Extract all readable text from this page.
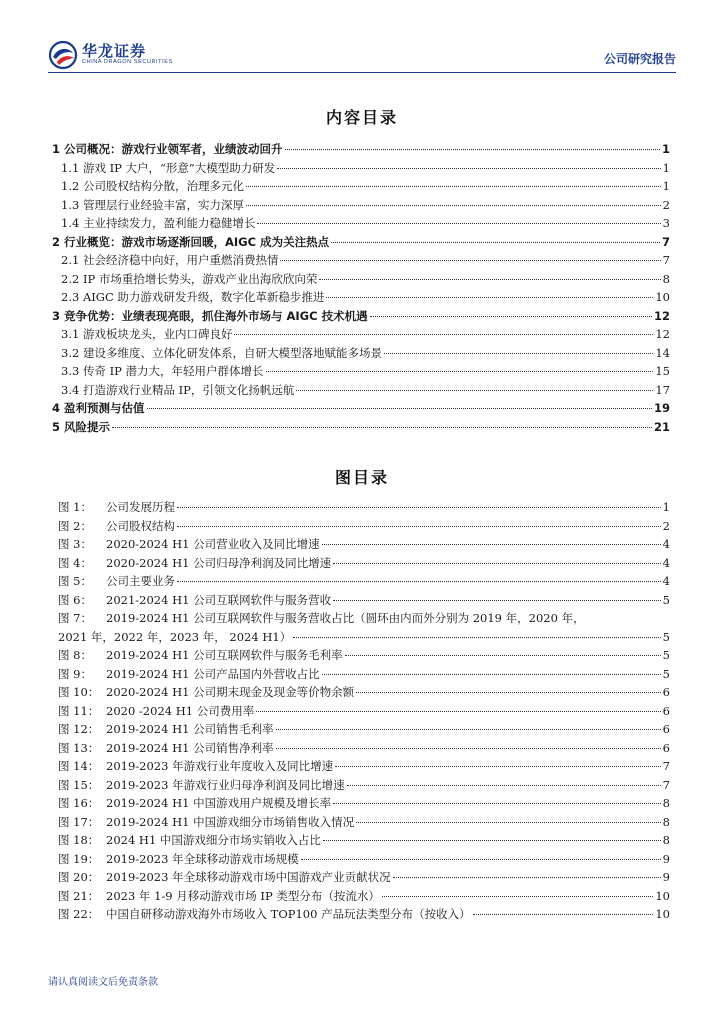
华龙证券
CHINA DRAGON SECURITIES	公司研究报告
内容目录
1 公司概况：游戏行业领军者，业绩波动回升	1
1.1 游戏 IP 大户，“形意”大模型助力研发	1
1.2 公司股权结构分散，治理多元化	1
1.3 管理层行业经验丰富，实力深厚	2
1.4 主业持续发力，盈利能力稳健增长	3
2 行业概览：游戏市场逐渐回暖，AIGC 成为关注热点	7
2.1 社会经济稳中向好，用户重燃消费热情	7
2.2 IP 市场重拾增长势头，游戏产业出海欣欣向荣	8
2.3 AIGC 助力游戏研发升级，数字化革新稳步推进	10
3 竞争优势：业绩表现亮眼，抓住海外市场与 AIGC 技术机遇	12
3.1 游戏板块龙头，业内口碑良好	12
3.2 建设多维度、立体化研发体系，自研大模型落地赋能多场景	14
3.3 传奇 IP 潜力大，年轻用户群体增长	15
3.4 打造游戏行业精品 IP，引领文化扬帆远航	17
4 盈利预测与估值	19
5 风险提示	21
图目录
图 1：	公司发展历程	1
图 2：	公司股权结构	2
图 3：	2020-2024 H1 公司营业收入及同比增速	4
图 4：	2020-2024 H1 公司归母净利润及同比增速	4
图 5：	公司主要业务	4
图 6：	2021-2024 H1 公司互联网软件与服务营收	5
图 7： 2019-2024 H1 公司互联网软件与服务营收占比（圆环由内而外分别为 2019 年，2020 年，
2021 年，2022 年，2023 年， 2024 H1）	5
图 8：	2019-2024 H1 公司互联网软件与服务毛利率	5
图 9：	2019-2024 H1 公司产品国内外营收占比	5
图 10： 2020-2024 H1 公司期末现金及现金等价物余额	6
图 11： 2020 -2024 H1 公司费用率	6
图 12： 2019-2024 H1 公司销售毛利率	6
图 13： 2019-2024 H1 公司销售净利率	6
图 14： 2019-2023 年游戏行业年度收入及同比增速	7
图 15： 2019-2023 年游戏行业归母净利润及同比增速	7
图 16： 2019-2024 H1 中国游戏用户规模及增长率	8
图 17： 2019-2024 H1 中国游戏细分市场销售收入情况	8
图 18： 2024 H1 中国游戏细分市场实销收入占比	8
图 19： 2019-2023 年全球移动游戏市场规模	9
图 20： 2019-2023 年全球移动游戏市场中国游戏产业贡献状况	9
图 21： 2023 年 1-9 月移动游戏市场 IP 类型分布（按流水）	10
图 22： 中国自研移动游戏海外市场收入 TOP100 产品玩法类型分布（按收入）	10
请认真阅读文后免责条款
